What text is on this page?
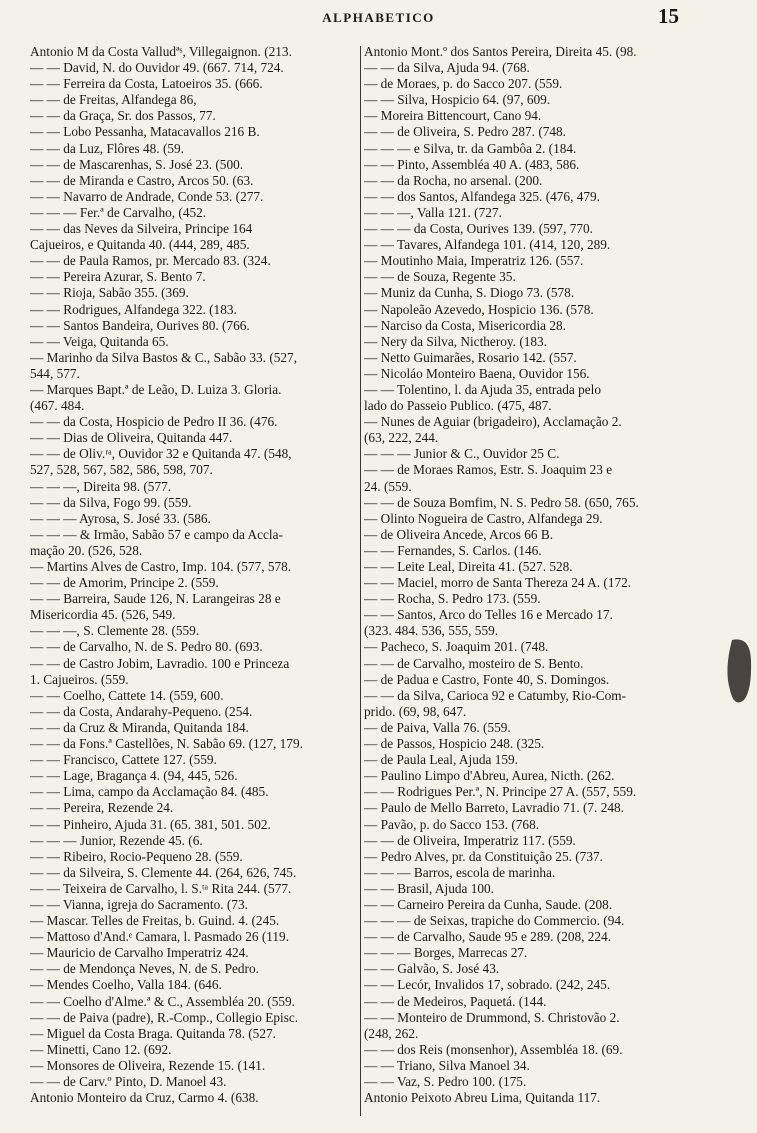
ALPHABETICO	15
Antonio M da Costa Valludªˢ, Villegaignon. (213.
— — David, N. do Ouvidor 49. (667. 714, 724.
— — Ferreira da Costa, Latoeiros 35. (666.
— — de Freitas, Alfandega 86,
— — da Graça, Sr. dos Passos, 77.
— — Lobo Pessanha, Matacavallos 216 B.
— — da Luz, Flôres 48. (59.
— — de Mascarenhas, S. José 23. (500.
— — de Miranda e Castro, Arcos 50. (63.
— — Navarro de Andrade, Conde 53. (277.
— — — Fer.ª de Carvalho, (452.
— — das Neves da Silveira, Principe 164
Cajueiros, e Quitanda 40. (444, 289, 485.
— — de Paula Ramos, pr. Mercado 83. (324.
— — Pereira Azurar, S. Bento 7.
— — Rioja, Sabão 355. (369.
— — Rodrigues, Alfandega 322. (183.
— — Santos Bandeira, Ourives 80. (766.
— — Veiga, Quitanda 65.
— Marinho da Silva Bastos & C., Sabão 33. (527,
544, 577.
— Marques Bapt.ª de Leão, D. Luiza 3. Gloria.
(467. 484.
— — da Costa, Hospicio de Pedro II 36. (476.
— — Dias de Oliveira, Quitanda 447.
— — de Oliv.ʳᵃ, Ouvidor 32 e Quitanda 47. (548,
527, 528, 567, 582, 586, 598, 707.
— — —, Direita 98. (577.
— — da Silva, Fogo 99. (559.
— — — Ayrosa, S. José 33. (586.
— — — & Irmão, Sabão 57 e campo da Accla-
mação 20. (526, 528.
— Martins Alves de Castro, Imp. 104. (577, 578.
— — de Amorim, Principe 2. (559.
— — Barreira, Saude 126, N. Larangeiras 28 e
Misericordia 45. (526, 549.
— — —, S. Clemente 28. (559.
— — de Carvalho, N. de S. Pedro 80. (693.
— — de Castro Jobim, Lavradio. 100 e Princeza
1. Cajueiros. (559.
— — Coelho, Cattete 14. (559, 600.
— — da Costa, Andarahy-Pequeno. (254.
— — da Cruz & Miranda, Quitanda 184.
— — da Fons.ª Castellões, N. Sabão 69. (127, 179.
— — Francisco, Cattete 127. (559.
— — Lage, Bragança 4. (94, 445, 526.
— — Lima, campo da Acclamação 84. (485.
— — Pereira, Rezende 24.
— — Pinheiro, Ajuda 31. (65. 381, 501. 502.
— — — Junior, Rezende 45. (6.
— — Ribeiro, Rocio-Pequeno 28. (559.
— — da Silveira, S. Clemente 44. (264, 626, 745.
— — Teixeira de Carvalho, l. S.ᵗᵃ Rita 244. (577.
— — Vianna, igreja do Sacramento. (73.
— Mascar. Telles de Freitas, b. Guind. 4. (245.
— Mattoso d'And.ᵉ Camara, l. Pasmado 26 (119.
— Mauricio de Carvalho Imperatriz 424.
— — de Mendonça Neves, N. de S. Pedro.
— Mendes Coelho, Valla 184. (646.
— — Coelho d'Alme.ª & C., Assembléa 20. (559.
— — de Paiva (padre), R.-Comp., Collegio Episc.
— Miguel da Costa Braga. Quitanda 78. (527.
— Minetti, Cano 12. (692.
— Monsores de Oliveira, Rezende 15. (141.
— — de Carv.º Pinto, D. Manoel 43.
Antonio Monteiro da Cruz, Carmo 4. (638.
Antonio Mont.º dos Santos Pereira, Direita 45. (98.
— — da Silva, Ajuda 94. (768.
— de Moraes, p. do Sacco 207. (559.
— — Silva, Hospicio 64. (97, 609.
— Moreira Bittencourt, Cano 94.
— — de Oliveira, S. Pedro 287. (748.
— — — e Silva, tr. da Gambôa 2. (184.
— — Pinto, Assembléa 40 A. (483, 586.
— — da Rocha, no arsenal. (200.
— — dos Santos, Alfandega 325. (476, 479.
— — —, Valla 121. (727.
— — — da Costa, Ourives 139. (597, 770.
— — Tavares, Alfandega 101. (414, 120, 289.
— Moutinho Maia, Imperatriz 126. (557.
— — de Souza, Regente 35.
— Muniz da Cunha, S. Diogo 73. (578.
— Napoleão Azevedo, Hospicio 136. (578.
— Narciso da Costa, Misericordia 28.
— Nery da Silva, Nictheroy. (183.
— Netto Guimarães, Rosario 142. (557.
— Nicoláo Monteiro Baena, Ouvidor 156.
— — Tolentino, l. da Ajuda 35, entrada pelo
lado do Passeio Publico. (475, 487.
— Nunes de Aguiar (brigadeiro), Acclamação 2.
(63, 222, 244.
— — — Junior & C., Ouvidor 25 C.
— — de Moraes Ramos, Estr. S. Joaquim 23 e
24. (559.
— — de Souza Bomfim, N. S. Pedro 58. (650, 765.
— Olinto Nogueira de Castro, Alfandega 29.
— de Oliveira Ancede, Arcos 66 B.
— — Fernandes, S. Carlos. (146.
— — Leite Leal, Direita 41. (527. 528.
— — Maciel, morro de Santa Thereza 24 A. (172.
— — Rocha, S. Pedro 173. (559.
— — Santos, Arco do Telles 16 e Mercado 17.
(323. 484. 536, 555, 559.
— Pacheco, S. Joaquim 201. (748.
— — de Carvalho, mosteiro de S. Bento.
— de Padua e Castro, Fonte 40, S. Domingos.
— — da Silva, Carioca 92 e Catumby, Rio-Com-
prido. (69, 98, 647.
— de Paiva, Valla 76. (559.
— de Passos, Hospicio 248. (325.
— de Paula Leal, Ajuda 159.
— Paulino Limpo d'Abreu, Aurea, Nicth. (262.
— — Rodrigues Per.ª, N. Principe 27 A. (557, 559.
— Paulo de Mello Barreto, Lavradio 71. (7. 248.
— Pavão, p. do Sacco 153. (768.
— — de Oliveira, Imperatriz 117. (559.
— Pedro Alves, pr. da Constituição 25. (737.
— — — Barros, escola de marinha.
— — Brasil, Ajuda 100.
— — Carneiro Pereira da Cunha, Saude. (208.
— — — de Seixas, trapiche do Commercio. (94.
— — de Carvalho, Saude 95 e 289. (208, 224.
— — — Borges, Marrecas 27.
— — Galvão, S. José 43.
— — Lecór, Invalidos 17, sobrado. (242, 245.
— — de Medeiros, Paquetá. (144.
— — Monteiro de Drummond, S. Christovão 2.
(248, 262.
— — dos Reis (monsenhor), Assembléa 18. (69.
— — Triano, Silva Manoel 34.
— — Vaz, S. Pedro 100. (175.
Antonio Peixoto Abreu Lima, Quitanda 117.
